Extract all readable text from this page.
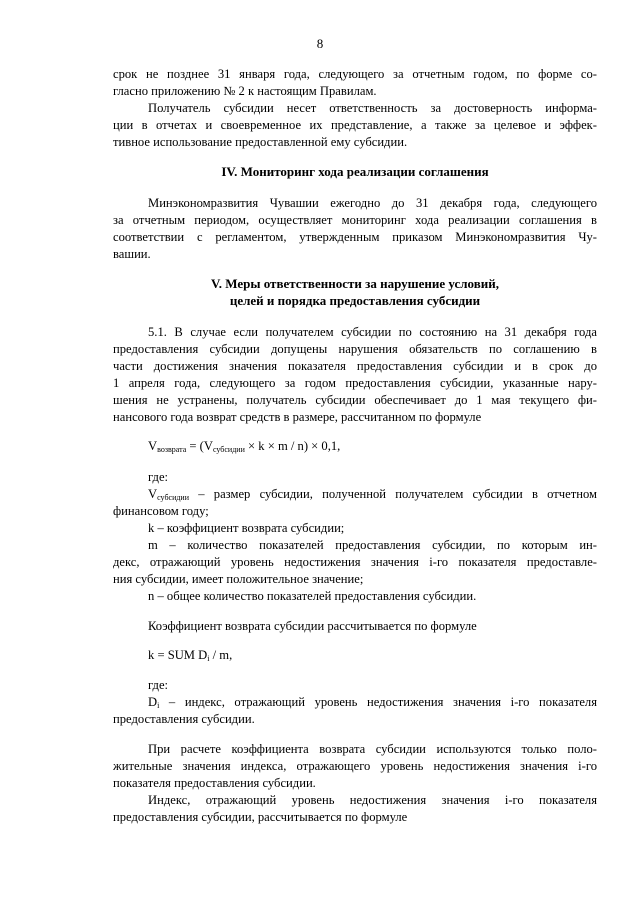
8
срок не позднее 31 января года, следующего за отчетным годом, по форме со-
гласно приложению № 2 к настоящим Правилам.
Получатель субсидии несет ответственность за достоверность информа-
ции в отчетах и своевременное их представление, а также за целевое и эффек-
тивное использование предоставленной ему субсидии.
IV. Мониторинг хода реализации соглашения
Минэкономразвития Чувашии ежегодно до 31 декабря года, следующего
за отчетным периодом, осуществляет мониторинг хода реализации соглашения в
соответствии с регламентом, утвержденным приказом Минэкономразвития Чу-
вашии.
V. Меры ответственности за нарушение условий,
целей и порядка предоставления субсидии
5.1. В случае если получателем субсидии по состоянию на 31 декабря года
предоставления субсидии допущены нарушения обязательств по соглашению в
части достижения значения показателя предоставления субсидии и в срок до
1 апреля года, следующего за годом предоставления субсидии, указанные нару-
шения не устранены, получатель субсидии обеспечивает до 1 мая текущего фи-
нансового года возврат средств в размере, рассчитанном по формуле
$V_{возврата} = (V_{субсидии} \times k \times m / n) \times 0,1$,
где:
$V_{субсидии}$ – размер субсидии, полученной получателем субсидии в отчетном
финансовом году;
k – коэффициент возврата субсидии;
m – количество показателей предоставления субсидии, по которым ин-
декс, отражающий уровень недостижения значения i-го показателя предоставле-
ния субсидии, имеет положительное значение;
n – общее количество показателей предоставления субсидии.
Коэффициент возврата субсидии рассчитывается по формуле
k = SUM $D_i$ / m,
где:
$D_i$ – индекс, отражающий уровень недостижения значения i-го показателя
предоставления субсидии.
При расчете коэффициента возврата субсидии используются только поло-
жительные значения индекса, отражающего уровень недостижения значения i-го
показателя предоставления субсидии.
Индекс, отражающий уровень недостижения значения i-го показателя
предоставления субсидии, рассчитывается по формуле
